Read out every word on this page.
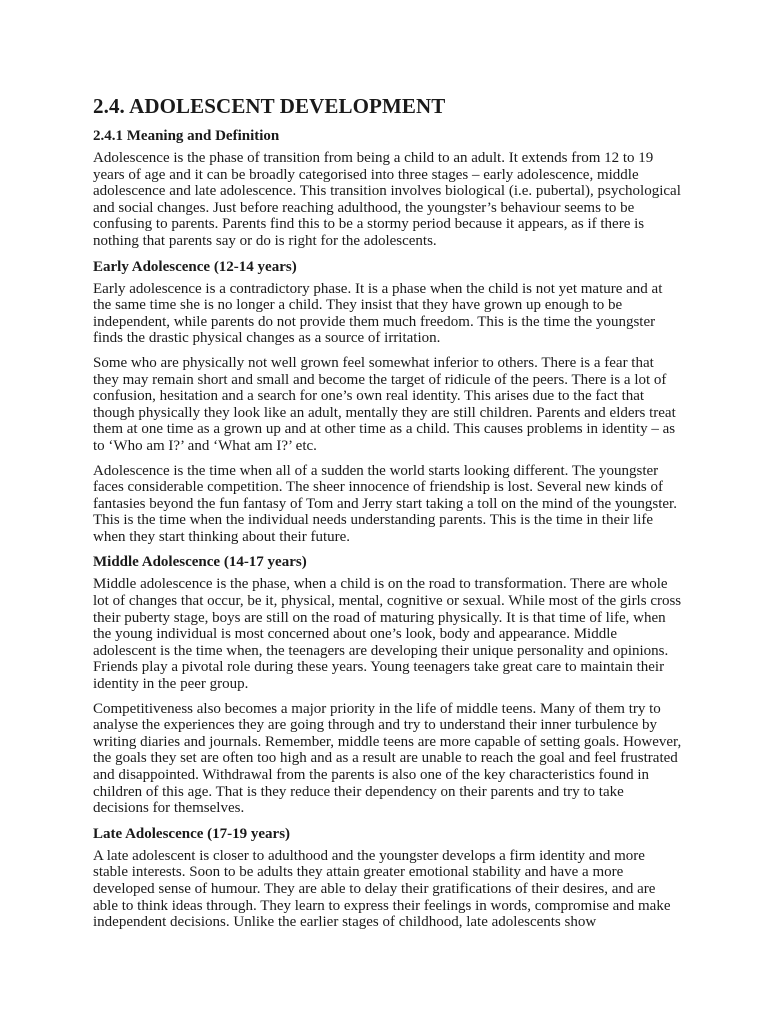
2.4. ADOLESCENT DEVELOPMENT
2.4.1 Meaning and Definition

Adolescence is the phase of transition from being a child to an adult. It extends from 12 to 19 years of age and it can be broadly categorised into three stages – early adolescence, middle adolescence and late adolescence. This transition involves biological (i.e. pubertal), psychological and social changes. Just before reaching adulthood, the youngster’s behaviour seems to be confusing to parents. Parents find this to be a stormy period because it appears, as if there is nothing that parents say or do is right for the adolescents.

Early Adolescence (12-14 years)

Early adolescence is a contradictory phase. It is a phase when the child is not yet mature and at the same time she is no longer a child. They insist that they have grown up enough to be independent, while parents do not provide them much freedom. This is the time the youngster finds the drastic physical changes as a source of irritation.

Some who are physically not well grown feel somewhat inferior to others. There is a fear that they may remain short and small and become the target of ridicule of the peers. There is a lot of confusion, hesitation and a search for one’s own real identity. This arises due to the fact that though physically they look like an adult, mentally they are still children. Parents and elders treat them at one time as a grown up and at other time as a child. This causes problems in identity – as to ‘Who am I?’ and ‘What am I?’ etc.

Adolescence is the time when all of a sudden the world starts looking different. The youngster faces considerable competition. The sheer innocence of friendship is lost. Several new kinds of fantasies beyond the fun fantasy of Tom and Jerry start taking a toll on the mind of the youngster. This is the time when the individual needs understanding parents. This is the time in their life when they start thinking about their future.

Middle Adolescence (14-17 years)

Middle adolescence is the phase, when a child is on the road to transformation. There are whole lot of changes that occur, be it, physical, mental, cognitive or sexual. While most of the girls cross their puberty stage, boys are still on the road of maturing physically. It is that time of life, when the young individual is most concerned about one’s look, body and appearance. Middle adolescent is the time when, the teenagers are developing their unique personality and opinions. Friends play a pivotal role during these years. Young teenagers take great care to maintain their identity in the peer group.

Competitiveness also becomes a major priority in the life of middle teens. Many of them try to analyse the experiences they are going through and try to understand their inner turbulence by writing diaries and journals. Remember, middle teens are more capable of setting goals. However, the goals they set are often too high and as a result are unable to reach the goal and feel frustrated and disappointed. Withdrawal from the parents is also one of the key characteristics found in children of this age. That is they reduce their dependency on their parents and try to take decisions for themselves.

Late Adolescence (17-19 years)

A late adolescent is closer to adulthood and the youngster develops a firm identity and more stable interests. Soon to be adults they attain greater emotional stability and have a more developed sense of humour. They are able to delay their gratifications of their desires, and are able to think ideas through. They learn to express their feelings in words, compromise and make independent decisions. Unlike the earlier stages of childhood, late adolescents show
